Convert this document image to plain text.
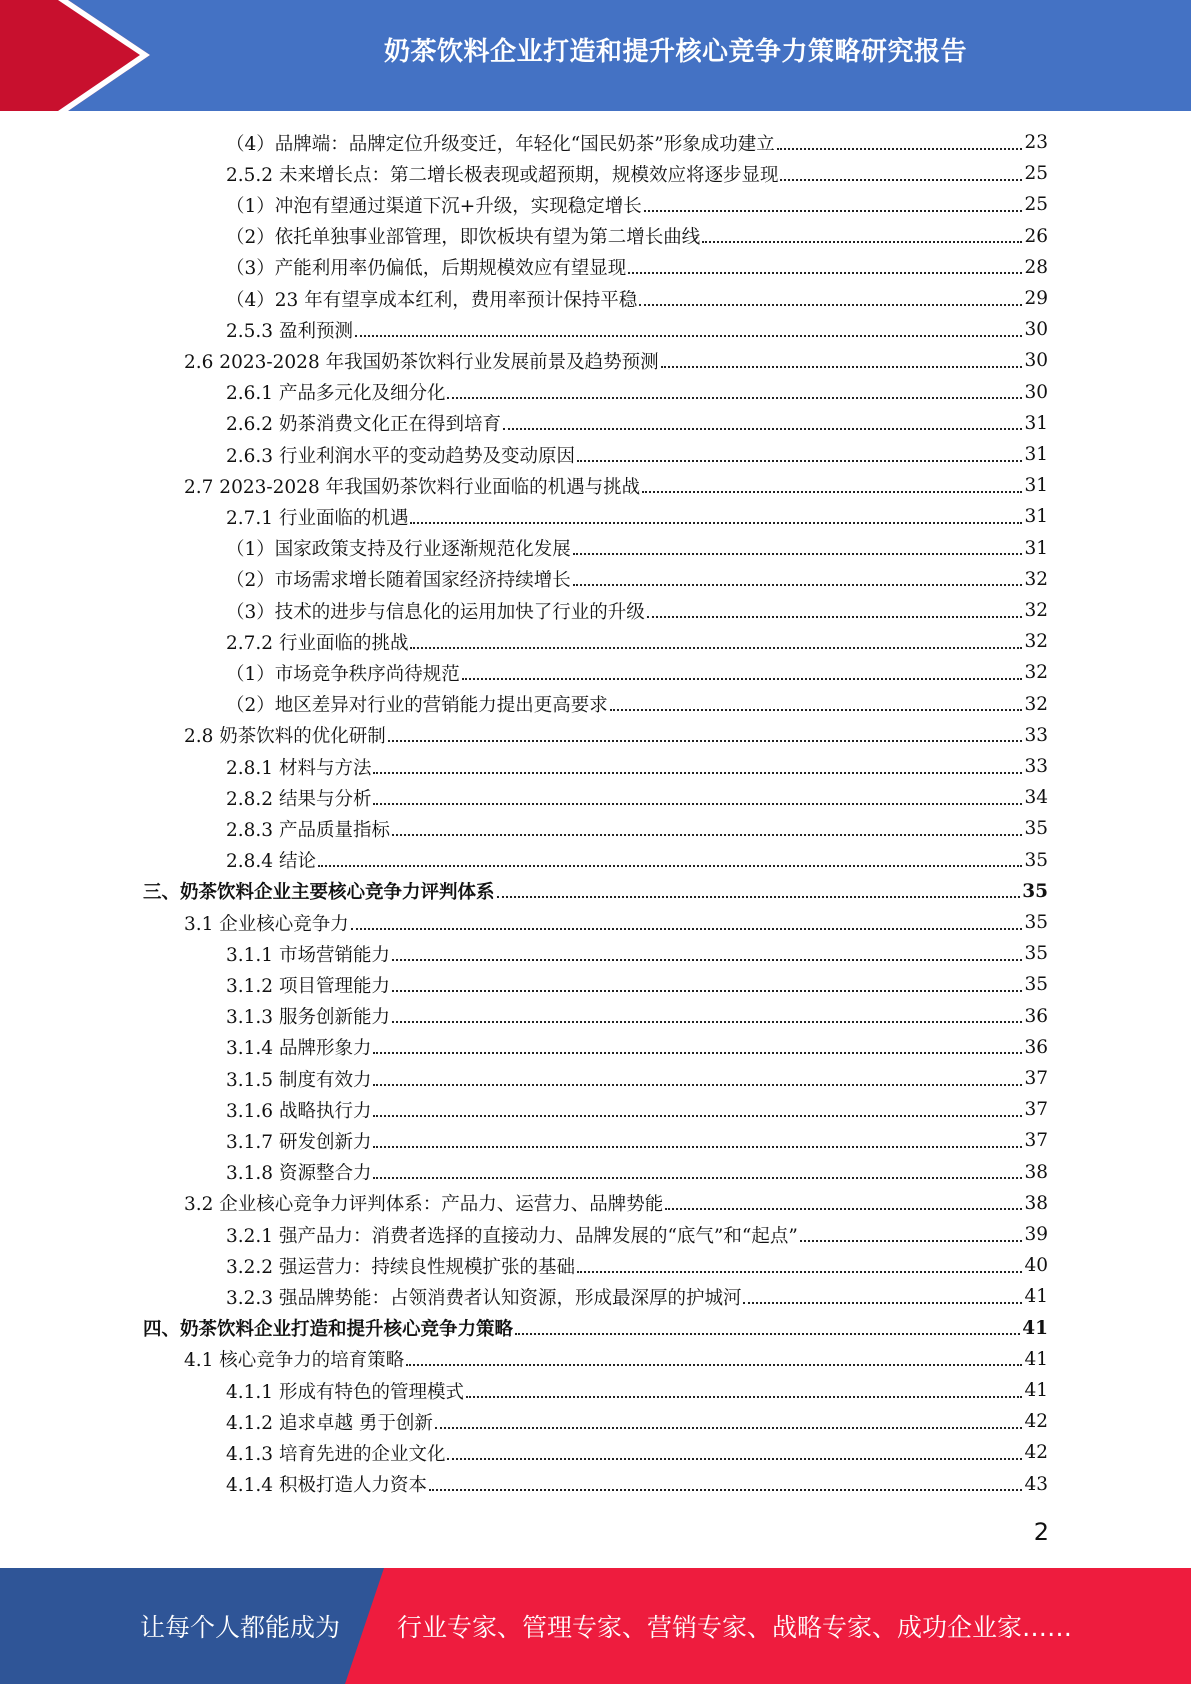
奶茶饮料企业打造和提升核心竞争力策略研究报告
（4）品牌端：品牌定位升级变迁，年轻化“国民奶茶”形象成功建立	23
2.5.2 未来增长点：第二增长极表现或超预期，规模效应将逐步显现	25
（1）冲泡有望通过渠道下沉+升级，实现稳定增长	25
（2）依托单独事业部管理，即饮板块有望为第二增长曲线	26
（3）产能利用率仍偏低，后期规模效应有望显现	28
（4）23 年有望享成本红利，费用率预计保持平稳	29
2.5.3 盈利预测	30
2.6 2023-2028 年我国奶茶饮料行业发展前景及趋势预测	30
2.6.1 产品多元化及细分化	30
2.6.2 奶茶消费文化正在得到培育	31
2.6.3 行业利润水平的变动趋势及变动原因	31
2.7 2023-2028 年我国奶茶饮料行业面临的机遇与挑战	31
2.7.1 行业面临的机遇	31
（1）国家政策支持及行业逐渐规范化发展	31
（2）市场需求增长随着国家经济持续增长	32
（3）技术的进步与信息化的运用加快了行业的升级	32
2.7.2 行业面临的挑战	32
（1）市场竞争秩序尚待规范	32
（2）地区差异对行业的营销能力提出更高要求	32
2.8 奶茶饮料的优化研制	33
2.8.1 材料与方法	33
2.8.2 结果与分析	34
2.8.3 产品质量指标	35
2.8.4 结论	35
三、奶茶饮料企业主要核心竞争力评判体系	35
3.1 企业核心竞争力	35
3.1.1 市场营销能力	35
3.1.2 项目管理能力	35
3.1.3 服务创新能力	36
3.1.4 品牌形象力	36
3.1.5 制度有效力	37
3.1.6 战略执行力	37
3.1.7 研发创新力	37
3.1.8 资源整合力	38
3.2 企业核心竞争力评判体系：产品力、运营力、品牌势能	38
3.2.1 强产品力：消费者选择的直接动力、品牌发展的“底气”和“起点”	39
3.2.2 强运营力：持续良性规模扩张的基础	40
3.2.3 强品牌势能：占领消费者认知资源，形成最深厚的护城河	41
四、奶茶饮料企业打造和提升核心竞争力策略	41
4.1 核心竞争力的培育策略	41
4.1.1 形成有特色的管理模式	41
4.1.2 追求卓越 勇于创新	42
4.1.3 培育先进的企业文化	42
4.1.4 积极打造人力资本	43
2
让每个人都能成为 行业专家、管理专家、营销专家、战略专家、成功企业家……
